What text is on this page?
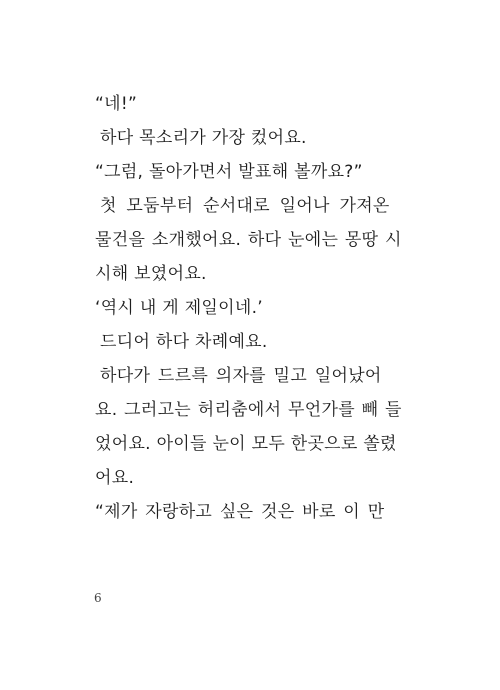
“네!”
하다 목소리가 가장 컸어요.
“그럼, 돌아가면서 발표해 볼까요?”
첫 모둠부터 순서대로 일어나 가져온
물건을 소개했어요. 하다 눈에는 몽땅 시
시해 보였어요.
‘역시 내 게 제일이네.’
드디어 하다 차례예요.
하다가 드르륵 의자를 밀고 일어났어
요. 그러고는 허리춤에서 무언가를 빼 들
었어요. 아이들 눈이 모두 한곳으로 쏠렸
어요.
“제가 자랑하고 싶은 것은 바로 이 만
6
